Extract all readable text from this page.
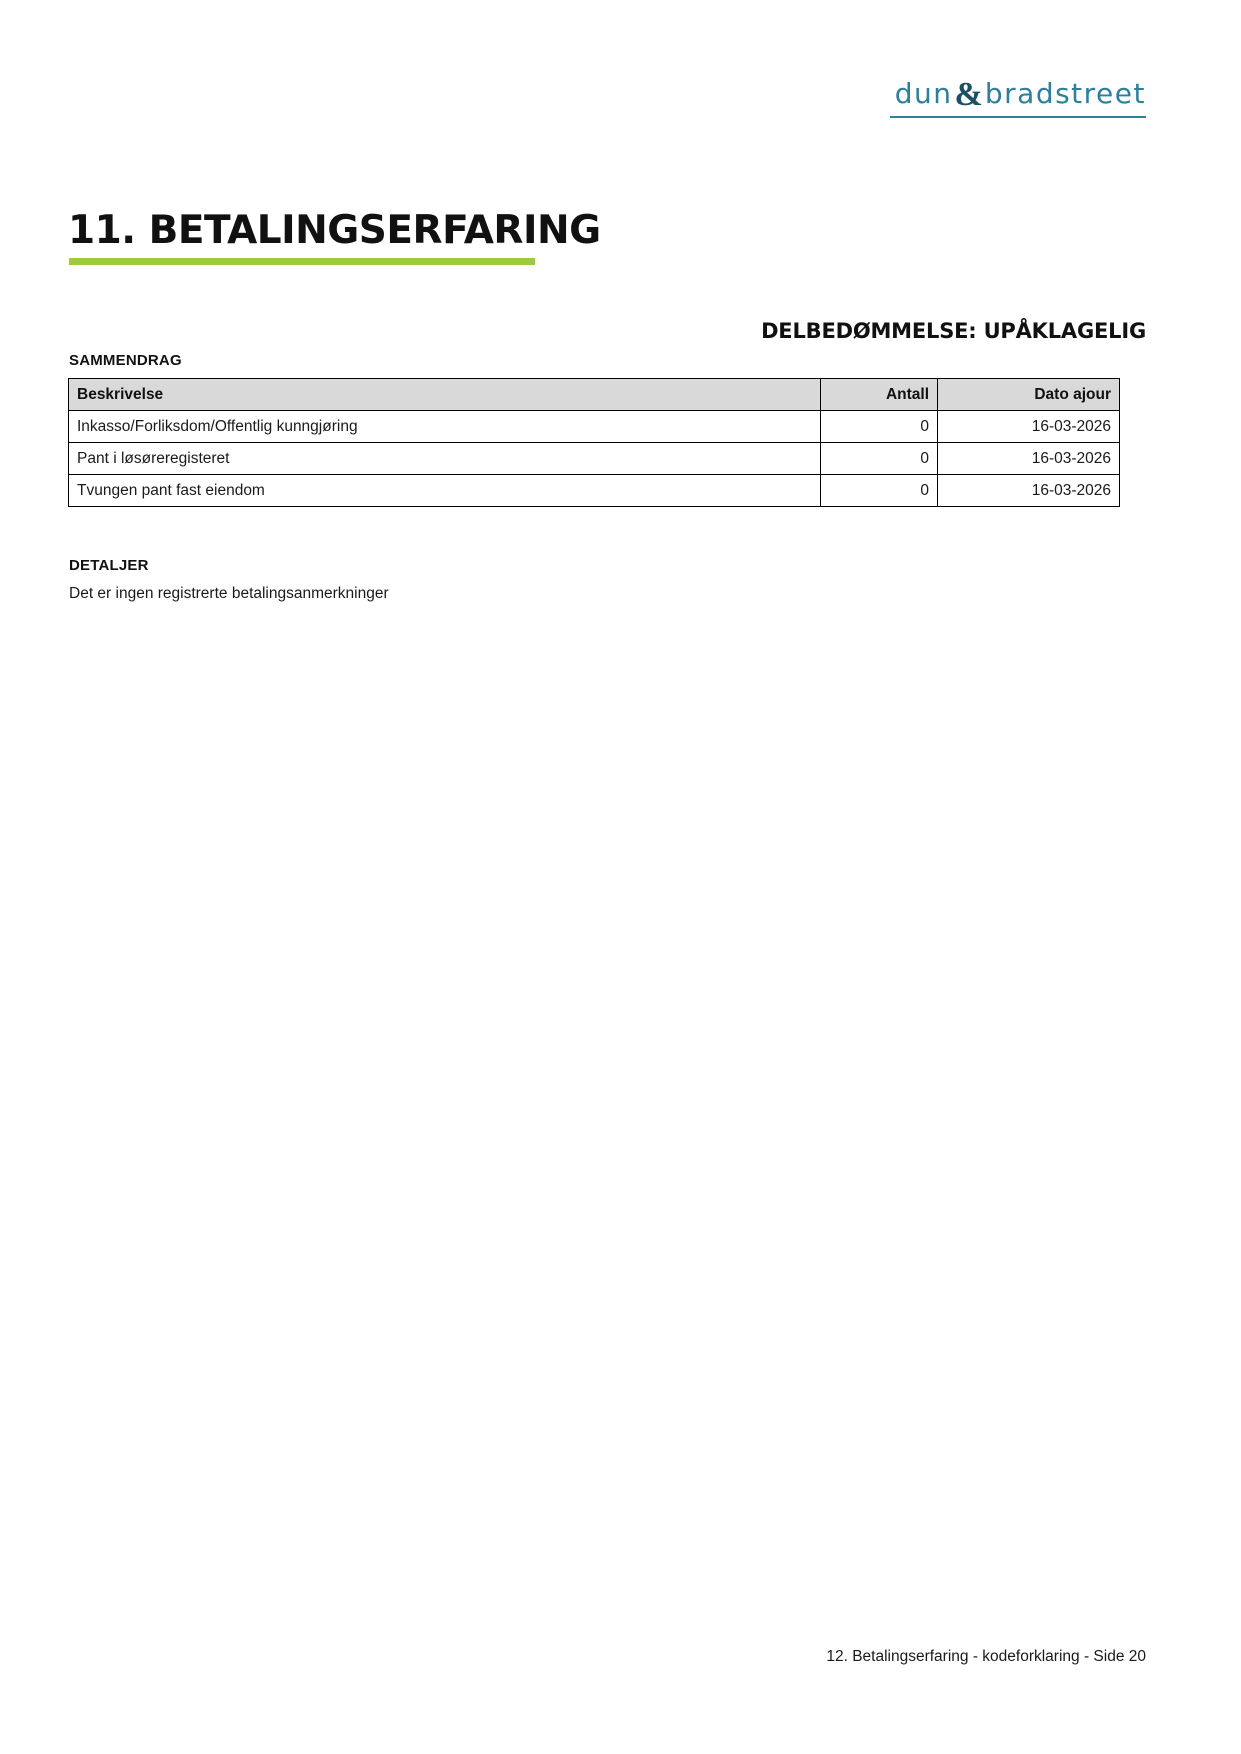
dun & bradstreet
11. BETALINGSERFARING
DELBEDØMMELSE: UPÅKLAGELIG
SAMMENDRAG
Beskrivelse	Antall	Dato ajour
Inkasso/Forliksdom/Offentlig kunngjøring	0	16-03-2026
Pant i løsøreregisteret	0	16-03-2026
Tvungen pant fast eiendom	0	16-03-2026
DETALJER
Det er ingen registrerte betalingsanmerkninger
12. Betalingserfaring - kodeforklaring - Side 20
